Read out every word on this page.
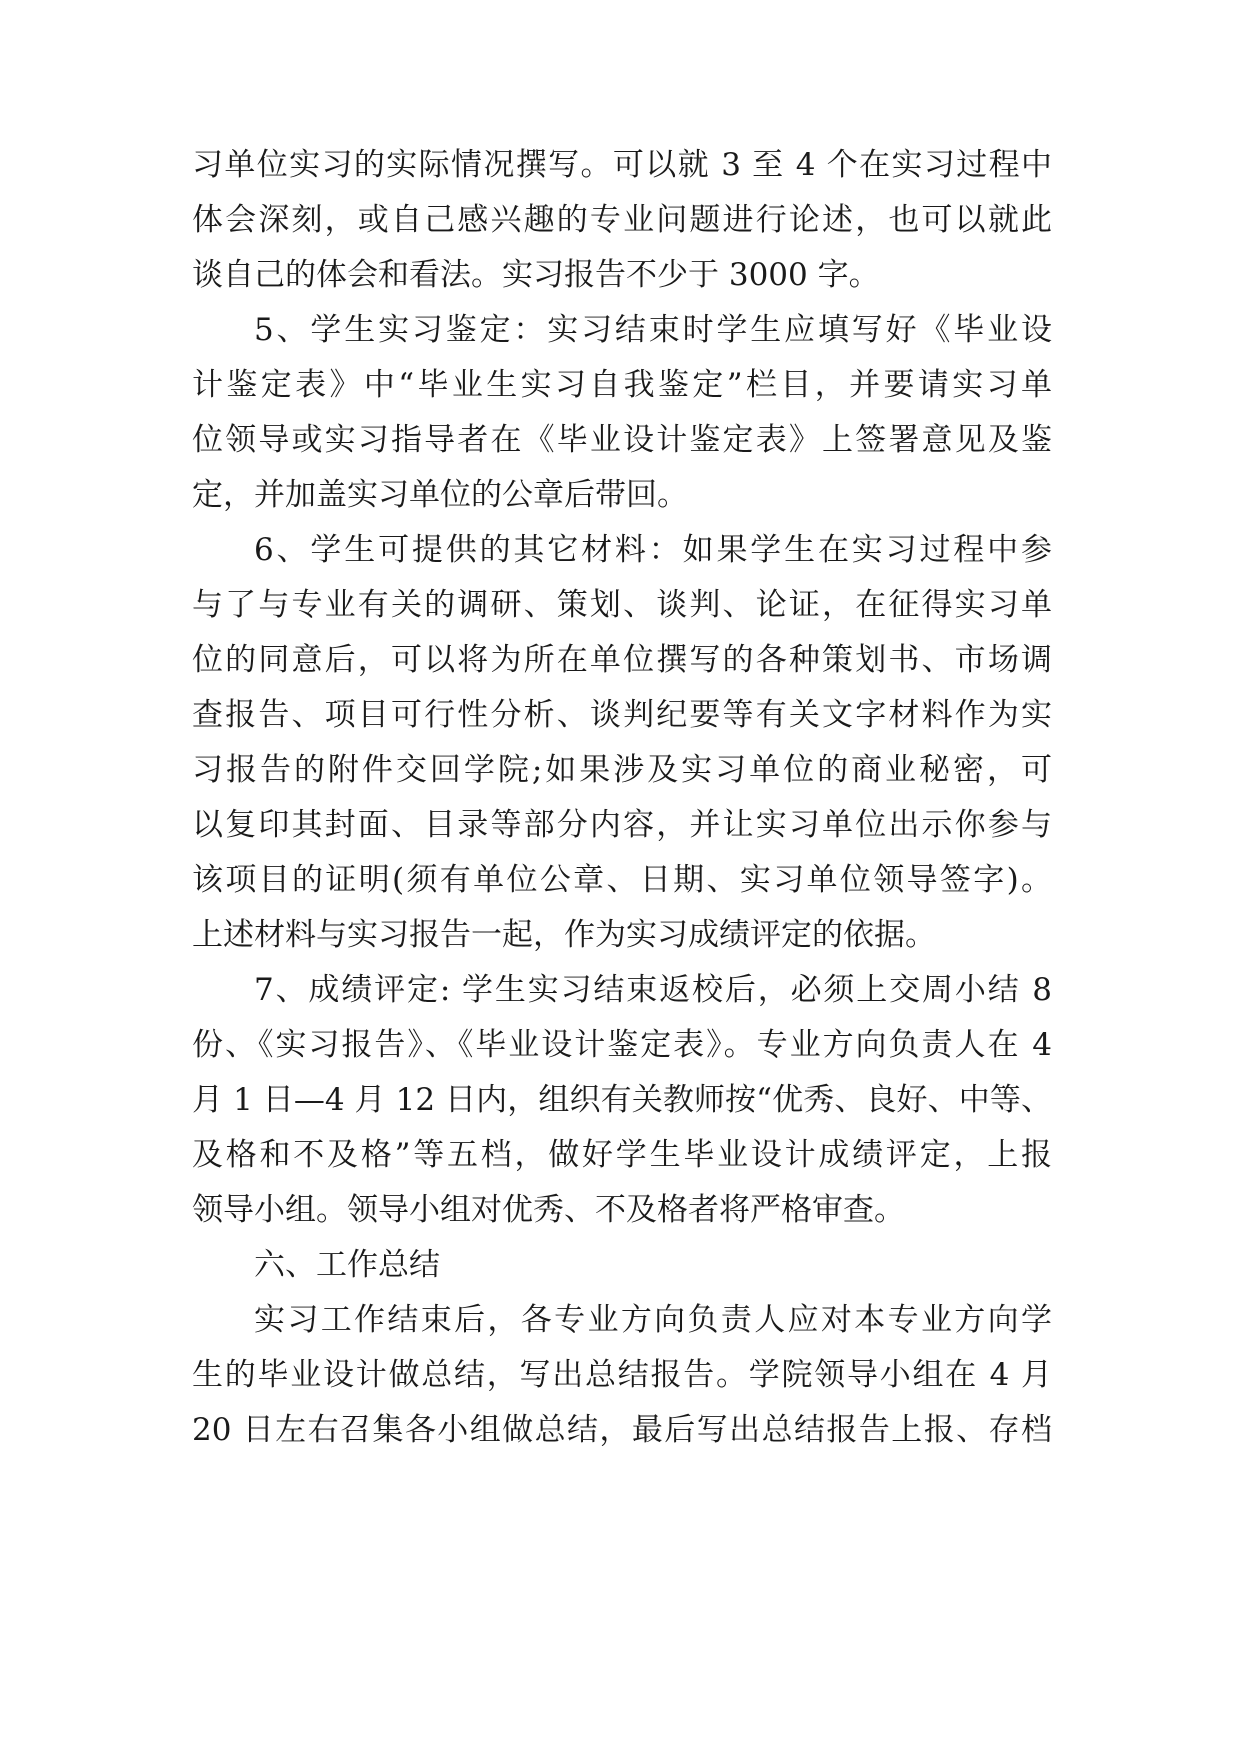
习单位实习的实际情况撰写。可以就 3 至 4 个在实习过程中
体会深刻，或自己感兴趣的专业问题进行论述，也可以就此
谈自己的体会和看法。实习报告不少于 3000 字。
5、学生实习鉴定：实习结束时学生应填写好《毕业设
计鉴定表》中“毕业生实习自我鉴定”栏目，并要请实习单
位领导或实习指导者在《毕业设计鉴定表》上签署意见及鉴
定，并加盖实习单位的公章后带回。
6、学生可提供的其它材料：如果学生在实习过程中参
与了与专业有关的调研、策划、谈判、论证，在征得实习单
位的同意后，可以将为所在单位撰写的各种策划书、市场调
查报告、项目可行性分析、谈判纪要等有关文字材料作为实
习报告的附件交回学院;如果涉及实习单位的商业秘密，可
以复印其封面、目录等部分内容，并让实习单位出示你参与
该项目的证明(须有单位公章、日期、实习单位领导签字)。
上述材料与实习报告一起，作为实习成绩评定的依据。
7、成绩评定: 学生实习结束返校后，必须上交周小结 8
份、《实习报告》、《毕业设计鉴定表》。专业方向负责人在 4
月 1 日—4 月 12 日内，组织有关教师按“优秀、良好、中等、
及格和不及格”等五档，做好学生毕业设计成绩评定，上报
领导小组。领导小组对优秀、不及格者将严格审查。
六、工作总结
实习工作结束后，各专业方向负责人应对本专业方向学
生的毕业设计做总结，写出总结报告。学院领导小组在 4 月
20 日左右召集各小组做总结，最后写出总结报告上报、存档
